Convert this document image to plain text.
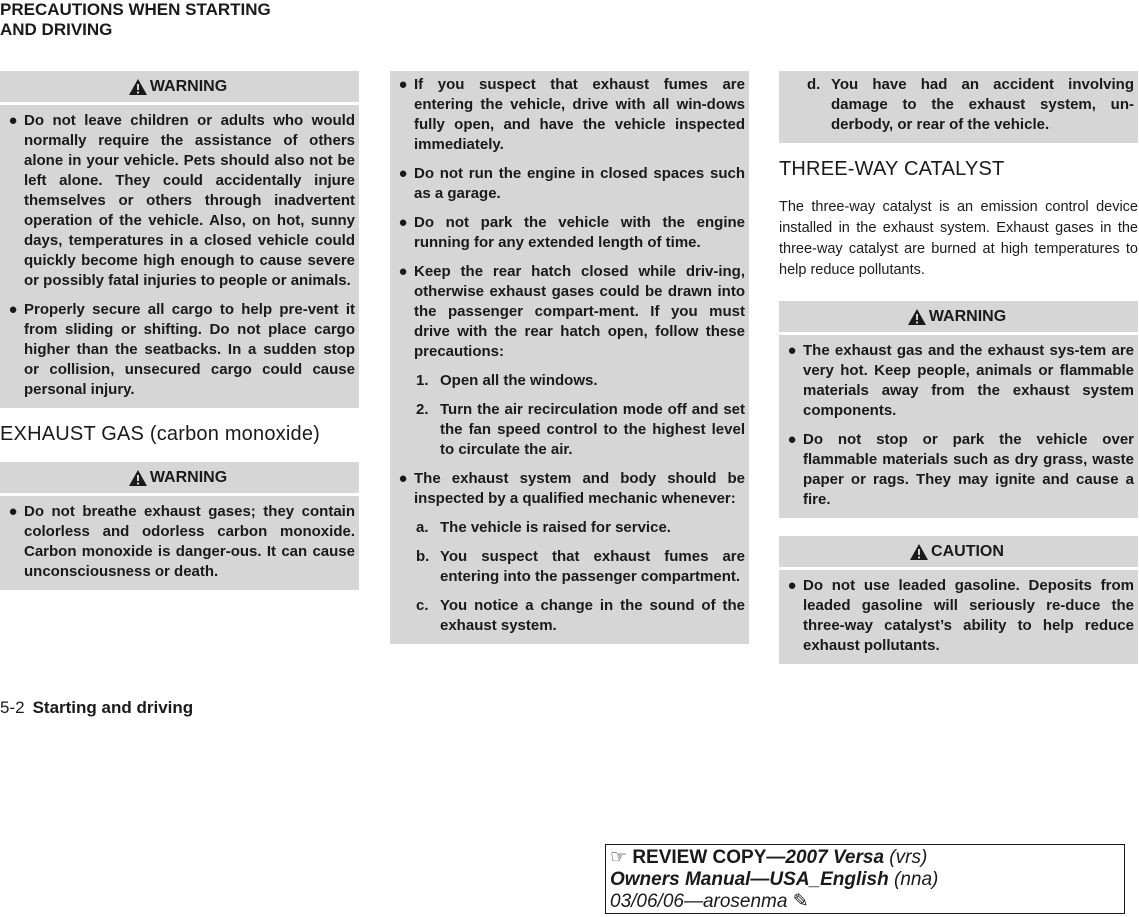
PRECAUTIONS WHEN STARTING
AND DRIVING
WARNING
● Do not leave children or adults who would normally require the assistance of others alone in your vehicle. Pets should also not be left alone. They could accidentally injure themselves or others through inadvertent operation of the vehicle. Also, on hot, sunny days, temperatures in a closed vehicle could quickly become high enough to cause severe or possibly fatal injuries to people or animals.
● Properly secure all cargo to help pre-vent it from sliding or shifting. Do not place cargo higher than the seatbacks. In a sudden stop or collision, unsecured cargo could cause personal injury.
EXHAUST GAS (carbon monoxide)
WARNING
● Do not breathe exhaust gases; they contain colorless and odorless carbon monoxide. Carbon monoxide is danger-ous. It can cause unconsciousness or death.
● If you suspect that exhaust fumes are entering the vehicle, drive with all win-dows fully open, and have the vehicle inspected immediately.
● Do not run the engine in closed spaces such as a garage.
● Do not park the vehicle with the engine running for any extended length of time.
● Keep the rear hatch closed while driv-ing, otherwise exhaust gases could be drawn into the passenger compart-ment. If you must drive with the rear hatch open, follow these precautions:
1. Open all the windows.
2. Turn the air recirculation mode off and set the fan speed control to the highest level to circulate the air.
● The exhaust system and body should be inspected by a qualified mechanic whenever:
a. The vehicle is raised for service.
b. You suspect that exhaust fumes are entering into the passenger compartment.
c. You notice a change in the sound of the exhaust system.
d. You have had an accident involving damage to the exhaust system, un-derbody, or rear of the vehicle.
THREE-WAY CATALYST
The three-way catalyst is an emission control device installed in the exhaust system. Exhaust gases in the three-way catalyst are burned at high temperatures to help reduce pollutants.
WARNING
● The exhaust gas and the exhaust sys-tem are very hot. Keep people, animals or flammable materials away from the exhaust system components.
● Do not stop or park the vehicle over flammable materials such as dry grass, waste paper or rags. They may ignite and cause a fire.
CAUTION
● Do not use leaded gasoline. Deposits from leaded gasoline will seriously re-duce the three-way catalyst’s ability to help reduce exhaust pollutants.
5-2 Starting and driving
☞ REVIEW COPY—2007 Versa (vrs)
Owners Manual—USA_English (nna)
03/06/06—arosenma ✎
